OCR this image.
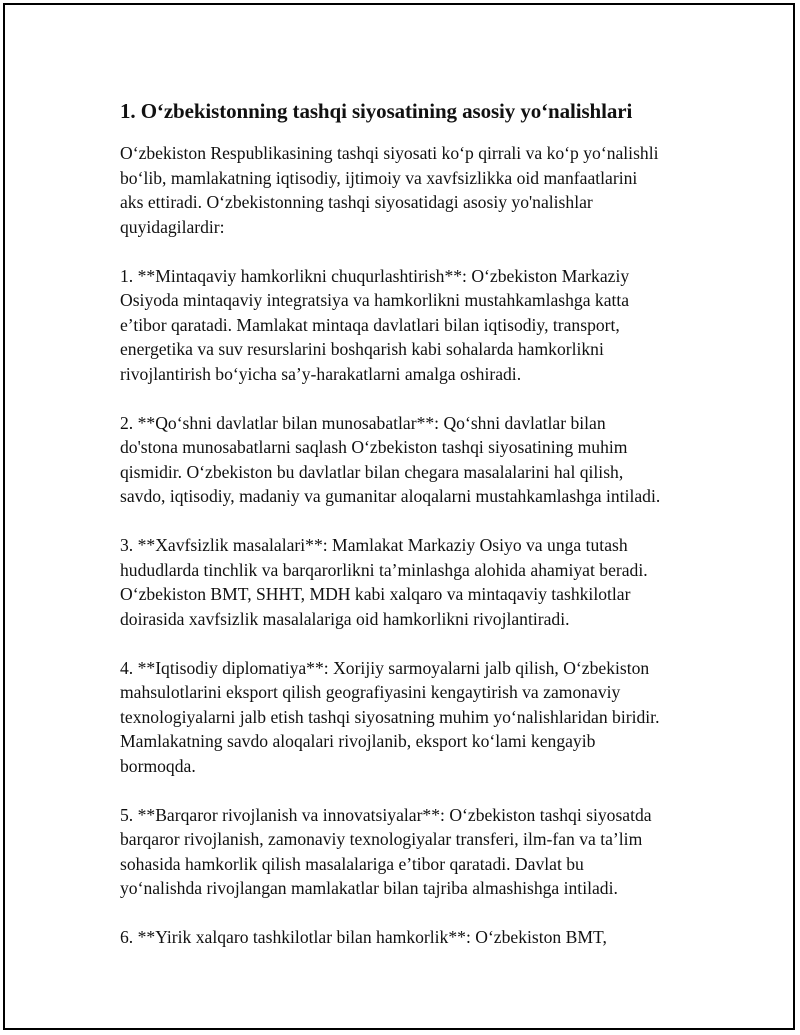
1. O‘zbekistonning tashqi siyosatining asosiy yo‘nalishlari

O‘zbekiston Respublikasining tashqi siyosati ko‘p qirrali va ko‘p yo‘nalishli
bo‘lib, mamlakatning iqtisodiy, ijtimoiy va xavfsizlikka oid manfaatlarini
aks ettiradi. O‘zbekistonning tashqi siyosatidagi asosiy yo'nalishlar
quyidagilardir:

1. **Mintaqaviy hamkorlikni chuqurlashtirish**: O‘zbekiston Markaziy
Osiyoda mintaqaviy integratsiya va hamkorlikni mustahkamlashga katta
e’tibor qaratadi. Mamlakat mintaqa davlatlari bilan iqtisodiy, transport,
energetika va suv resurslarini boshqarish kabi sohalarda hamkorlikni
rivojlantirish bo‘yicha sa’y-harakatlarni amalga oshiradi.

2. **Qo‘shni davlatlar bilan munosabatlar**: Qo‘shni davlatlar bilan
do'stona munosabatlarni saqlash O‘zbekiston tashqi siyosatining muhim
qismidir. O‘zbekiston bu davlatlar bilan chegara masalalarini hal qilish,
savdo, iqtisodiy, madaniy va gumanitar aloqalarni mustahkamlashga intiladi.

3. **Xavfsizlik masalalari**: Mamlakat Markaziy Osiyo va unga tutash
hududlarda tinchlik va barqarorlikni ta’minlashga alohida ahamiyat beradi.
O‘zbekiston BMT, SHHT, MDH kabi xalqaro va mintaqaviy tashkilotlar
doirasida xavfsizlik masalalariga oid hamkorlikni rivojlantiradi.

4. **Iqtisodiy diplomatiya**: Xorijiy sarmoyalarni jalb qilish, O‘zbekiston
mahsulotlarini eksport qilish geografiyasini kengaytirish va zamonaviy
texnologiyalarni jalb etish tashqi siyosatning muhim yo‘nalishlaridan biridir.
Mamlakatning savdo aloqalari rivojlanib, eksport ko‘lami kengayib
bormoqda.

5. **Barqaror rivojlanish va innovatsiyalar**: O‘zbekiston tashqi siyosatda
barqaror rivojlanish, zamonaviy texnologiyalar transferi, ilm-fan va ta’lim
sohasida hamkorlik qilish masalalariga e’tibor qaratadi. Davlat bu
yo‘nalishda rivojlangan mamlakatlar bilan tajriba almashishga intiladi.

6. **Yirik xalqaro tashkilotlar bilan hamkorlik**: O‘zbekiston BMT,
